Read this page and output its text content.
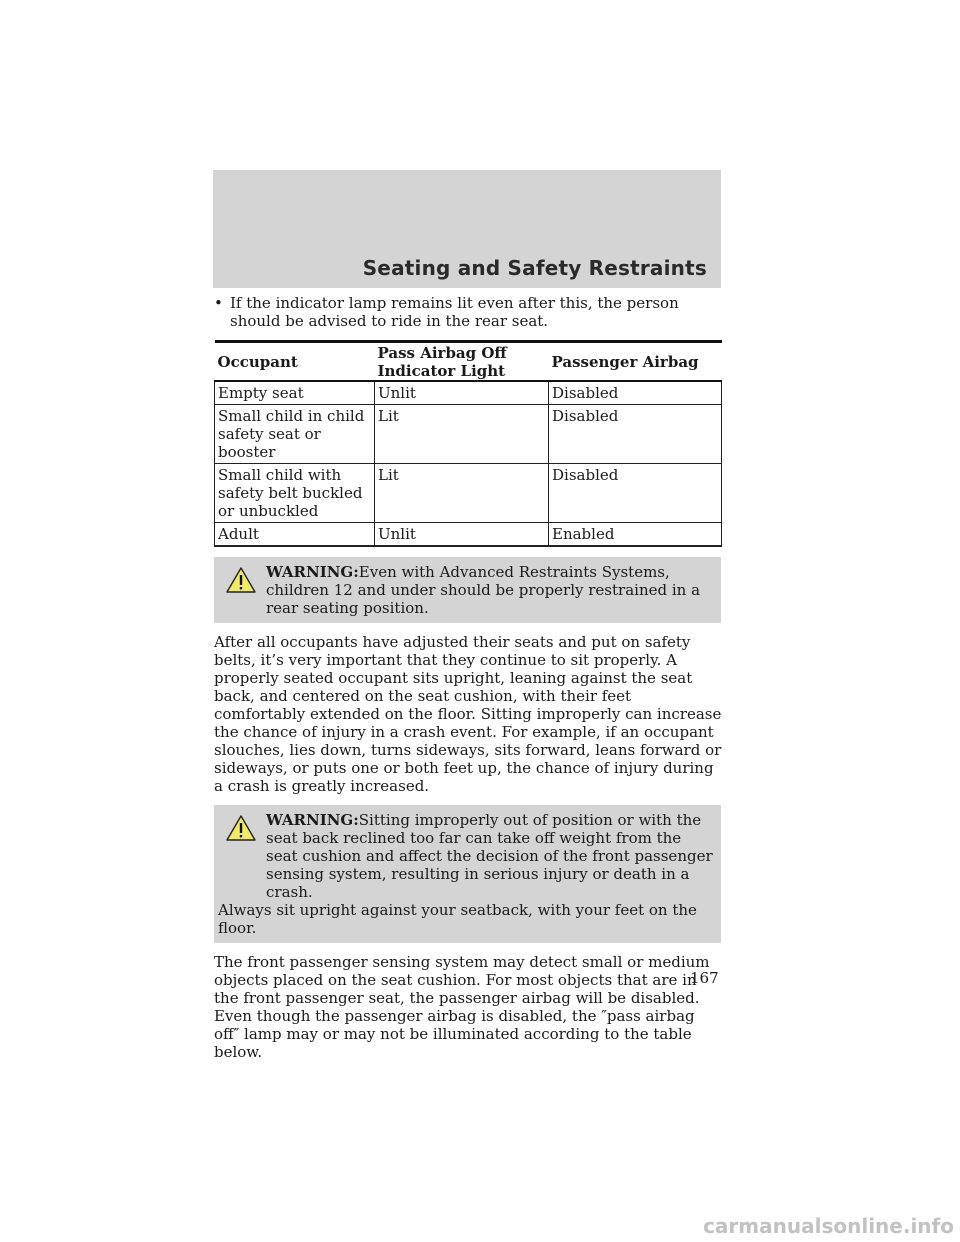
Seating and Safety Restraints
• If the indicator lamp remains lit even after this, the person should be advised to ride in the rear seat.
Occupant	Pass Airbag Off Indicator Light	Passenger Airbag
Empty seat	Unlit	Disabled
Small child in child safety seat or booster	Lit	Disabled
Small child with safety belt buckled or unbuckled	Lit	Disabled
Adult	Unlit	Enabled
WARNING:Even with Advanced Restraints Systems, children 12 and under should be properly restrained in a rear seating position.

After all occupants have adjusted their seats and put on safety belts, it’s very important that they continue to sit properly. A properly seated occupant sits upright, leaning against the seat back, and centered on the seat cushion, with their feet comfortably extended on the floor. Sitting improperly can increase the chance of injury in a crash event. For example, if an occupant slouches, lies down, turns sideways, sits forward, leans forward or sideways, or puts one or both feet up, the chance of injury during a crash is greatly increased.

WARNING:Sitting improperly out of position or with the seat back reclined too far can take off weight from the seat cushion and affect the decision of the front passenger sensing system, resulting in serious injury or death in a crash.
Always sit upright against your seatback, with your feet on the floor.

The front passenger sensing system may detect small or medium objects placed on the seat cushion. For most objects that are in the front passenger seat, the passenger airbag will be disabled. Even though the passenger airbag is disabled, the ″pass airbag off″ lamp may or may not be illuminated according to the table below.

167
carmanualsonline.info
